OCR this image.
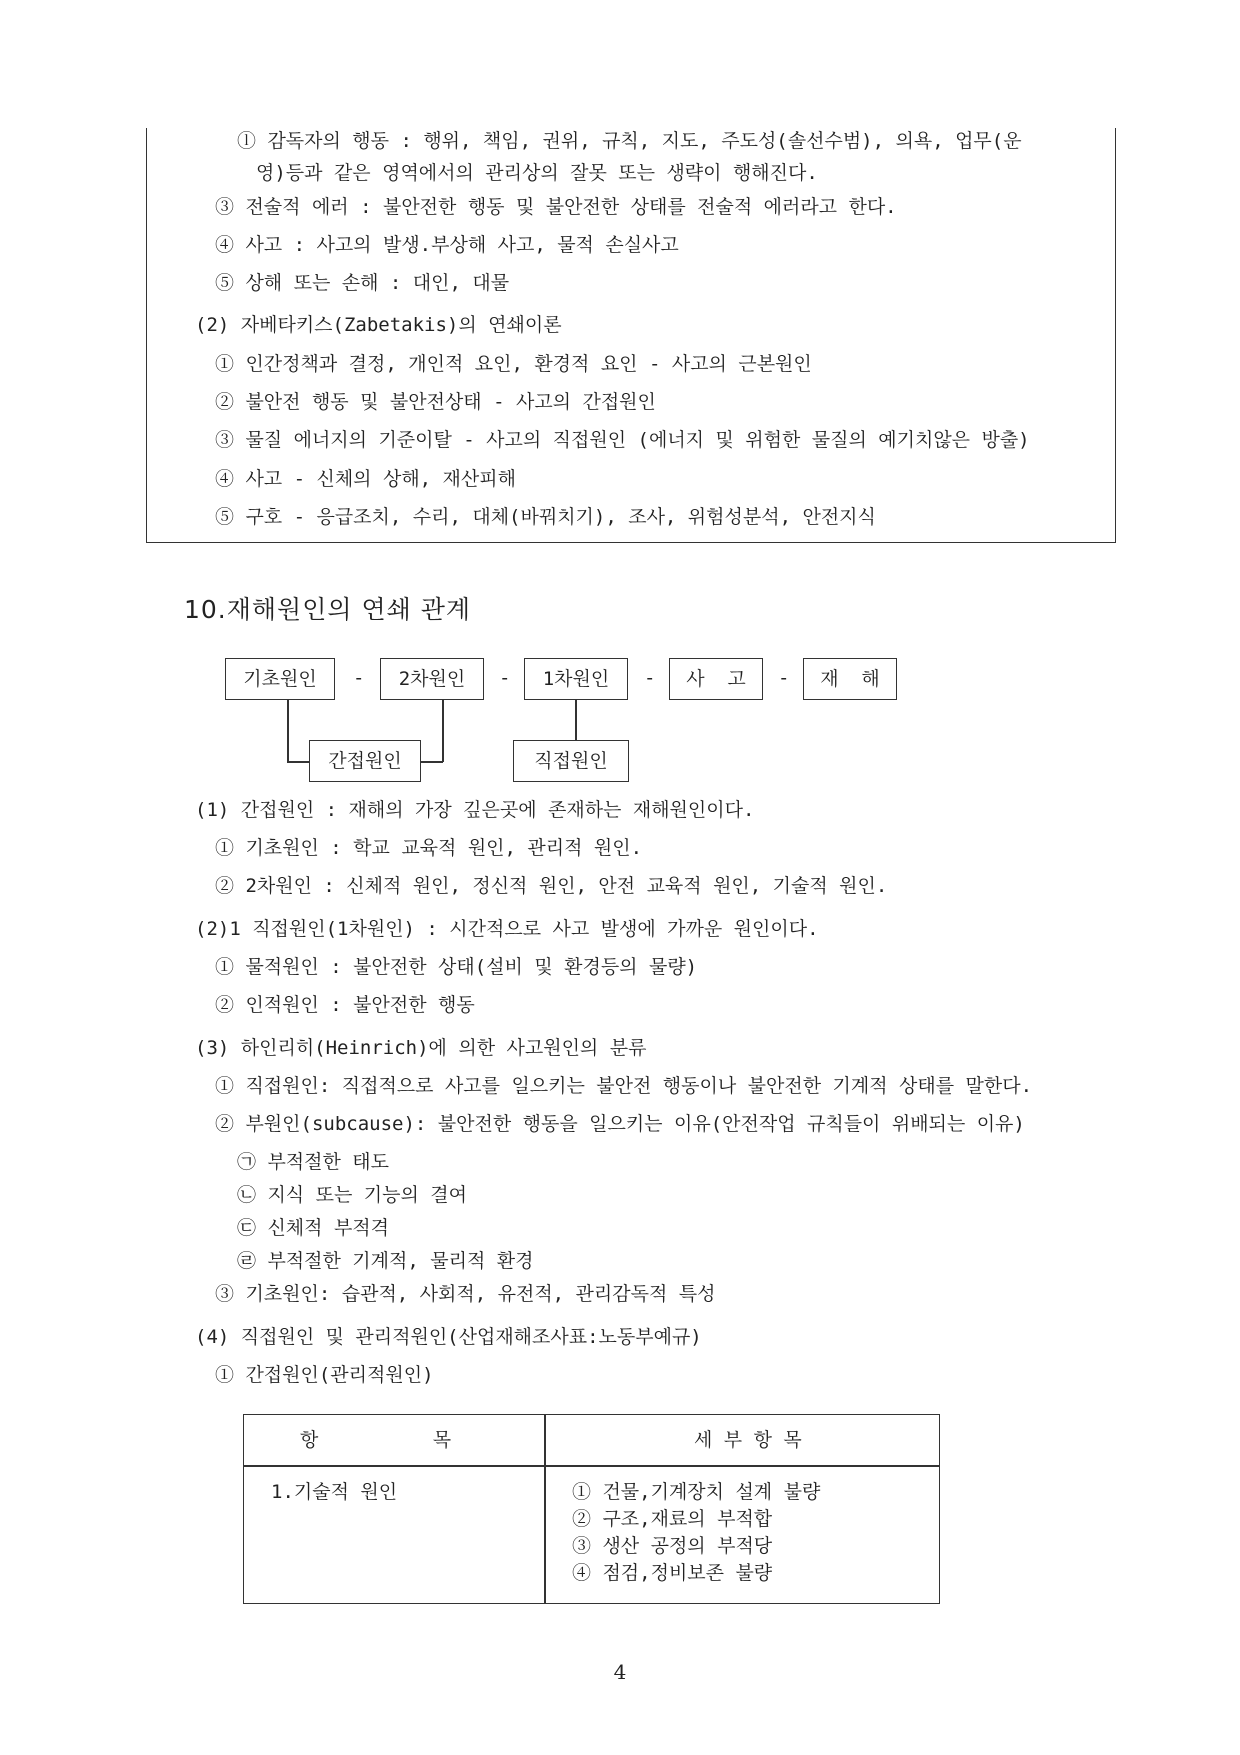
ⓛ 감독자의 행동 : 행위, 책임, 권위, 규칙, 지도, 주도성(솔선수범), 의욕, 업무(운
영)등과 같은 영역에서의 관리상의 잘못 또는 생략이 행해진다.
③ 전술적 에러 : 불안전한 행동 및 불안전한 상태를 전술적 에러라고 한다.
④ 사고 : 사고의 발생.부상해 사고, 물적 손실사고
⑤ 상해 또는 손해 : 대인, 대물
(2) 자베타키스(Zabetakis)의 연쇄이론
① 인간정책과 결정, 개인적 요인, 환경적 요인 - 사고의 근본원인
② 불안전 행동 및 불안전상태 - 사고의 간접원인
③ 물질 에너지의 기준이탈 - 사고의 직접원인 (에너지 및 위험한 물질의 예기치않은 방출)
④ 사고 - 신체의 상해, 재산피해
⑤ 구호 - 응급조치, 수리, 대체(바꿔치기), 조사, 위험성분석, 안전지식
10.재해원인의 연쇄 관계
기초원인	-	2차원인	-	1차원인	-	사  고	-	재  해
간접원인	직접원인
(1) 간접원인 : 재해의 가장 깊은곳에 존재하는 재해원인이다.
① 기초원인 : 학교 교육적 원인, 관리적 원인.
② 2차원인 : 신체적 원인, 정신적 원인, 안전 교육적 원인, 기술적 원인.
(2)1 직접원인(1차원인) : 시간적으로 사고 발생에 가까운 원인이다.
① 물적원인 : 불안전한 상태(설비 및 환경등의 물량)
② 인적원인 : 불안전한 행동
(3) 하인리히(Heinrich)에 의한 사고원인의 분류
① 직접원인: 직접적으로 사고를 일으키는 불안전 행동이나 불안전한 기계적 상태를 말한다.
② 부원인(subcause): 불안전한 행동을 일으키는 이유(안전작업 규칙들이 위배되는 이유)
㉠ 부적절한 태도
㉡ 지식 또는 기능의 결여
㉢ 신체적 부적격
㉣ 부적절한 기계적, 물리적 환경
③ 기초원인: 습관적, 사회적, 유전적, 관리감독적 특성
(4) 직접원인 및 관리적원인(산업재해조사표:노동부예규)
① 간접원인(관리적원인)
항          목	세 부 항 목
1.기술적 원인	① 건물,기계장치 설계 불량
② 구조,재료의 부적합
③ 생산 공정의 부적당
④ 점검,정비보존 불량
4
